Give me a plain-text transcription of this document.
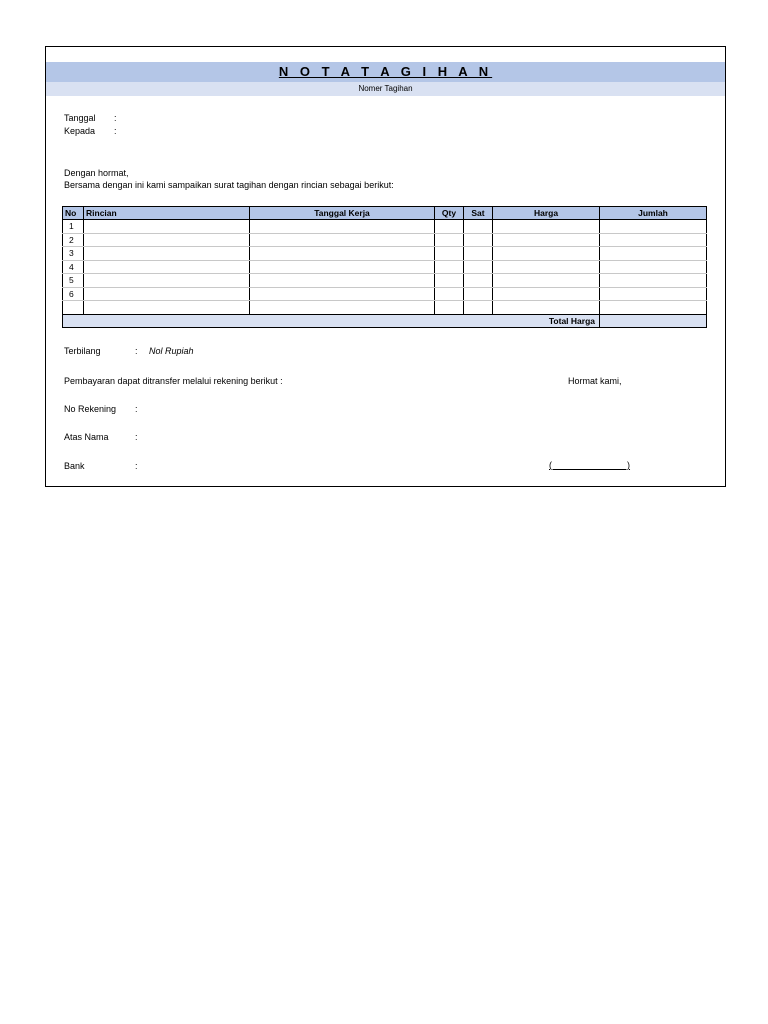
N O T A T A G I H A N
Nomer Tagihan
Tanggal :
Kepada :
Dengan hormat,
Bersama dengan ini kami sampaikan surat tagihan dengan rincian sebagai berikut:
No	Rincian	Tanggal Kerja	Qty	Sat	Harga	Jumlah
1						
2						
3						
4						
5						
6						

Total Harga						
Terbilang	: Nol Rupiah
Pembayaran dapat ditransfer melalui rekening berikut :	Hormat kami,
No Rekening :
Atas Nama	:
Bank	:	(                              )
